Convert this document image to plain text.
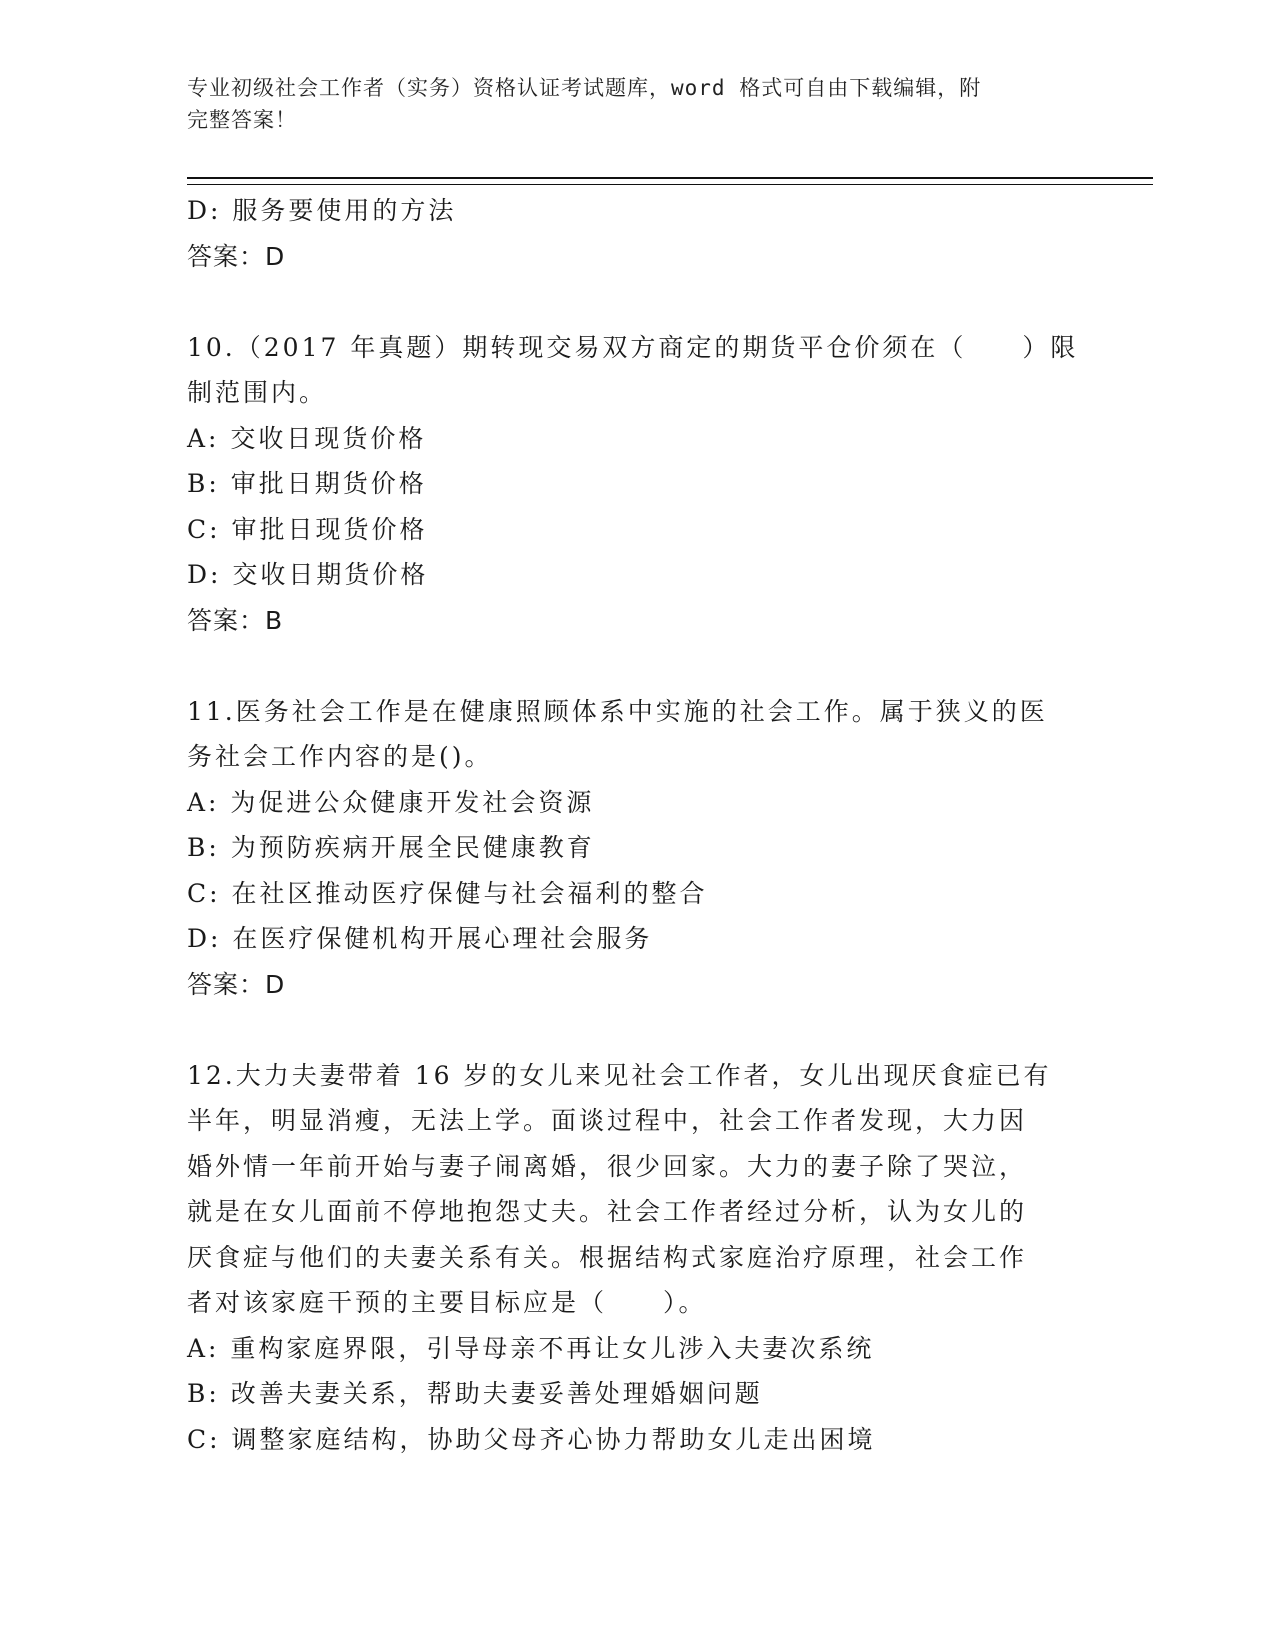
专业初级社会工作者（实务）资格认证考试题库，word 格式可自由下载编辑，附
完整答案！
D: 服务要使用的方法
答案：D
10.（2017 年真题）期转现交易双方商定的期货平仓价须在（　　）限
制范围内。
A: 交收日现货价格
B: 审批日期货价格
C: 审批日现货价格
D: 交收日期货价格
答案：B
11.医务社会工作是在健康照顾体系中实施的社会工作。属于狭义的医
务社会工作内容的是()。
A: 为促进公众健康开发社会资源
B: 为预防疾病开展全民健康教育
C: 在社区推动医疗保健与社会福利的整合
D: 在医疗保健机构开展心理社会服务
答案：D
12.大力夫妻带着 16 岁的女儿来见社会工作者，女儿出现厌食症已有
半年，明显消瘦，无法上学。面谈过程中，社会工作者发现，大力因
婚外情一年前开始与妻子闹离婚，很少回家。大力的妻子除了哭泣，
就是在女儿面前不停地抱怨丈夫。社会工作者经过分析，认为女儿的
厌食症与他们的夫妻关系有关。根据结构式家庭治疗原理，社会工作
者对该家庭干预的主要目标应是（　　）。
A: 重构家庭界限，引导母亲不再让女儿涉入夫妻次系统
B: 改善夫妻关系，帮助夫妻妥善处理婚姻问题
C: 调整家庭结构，协助父母齐心协力帮助女儿走出困境
